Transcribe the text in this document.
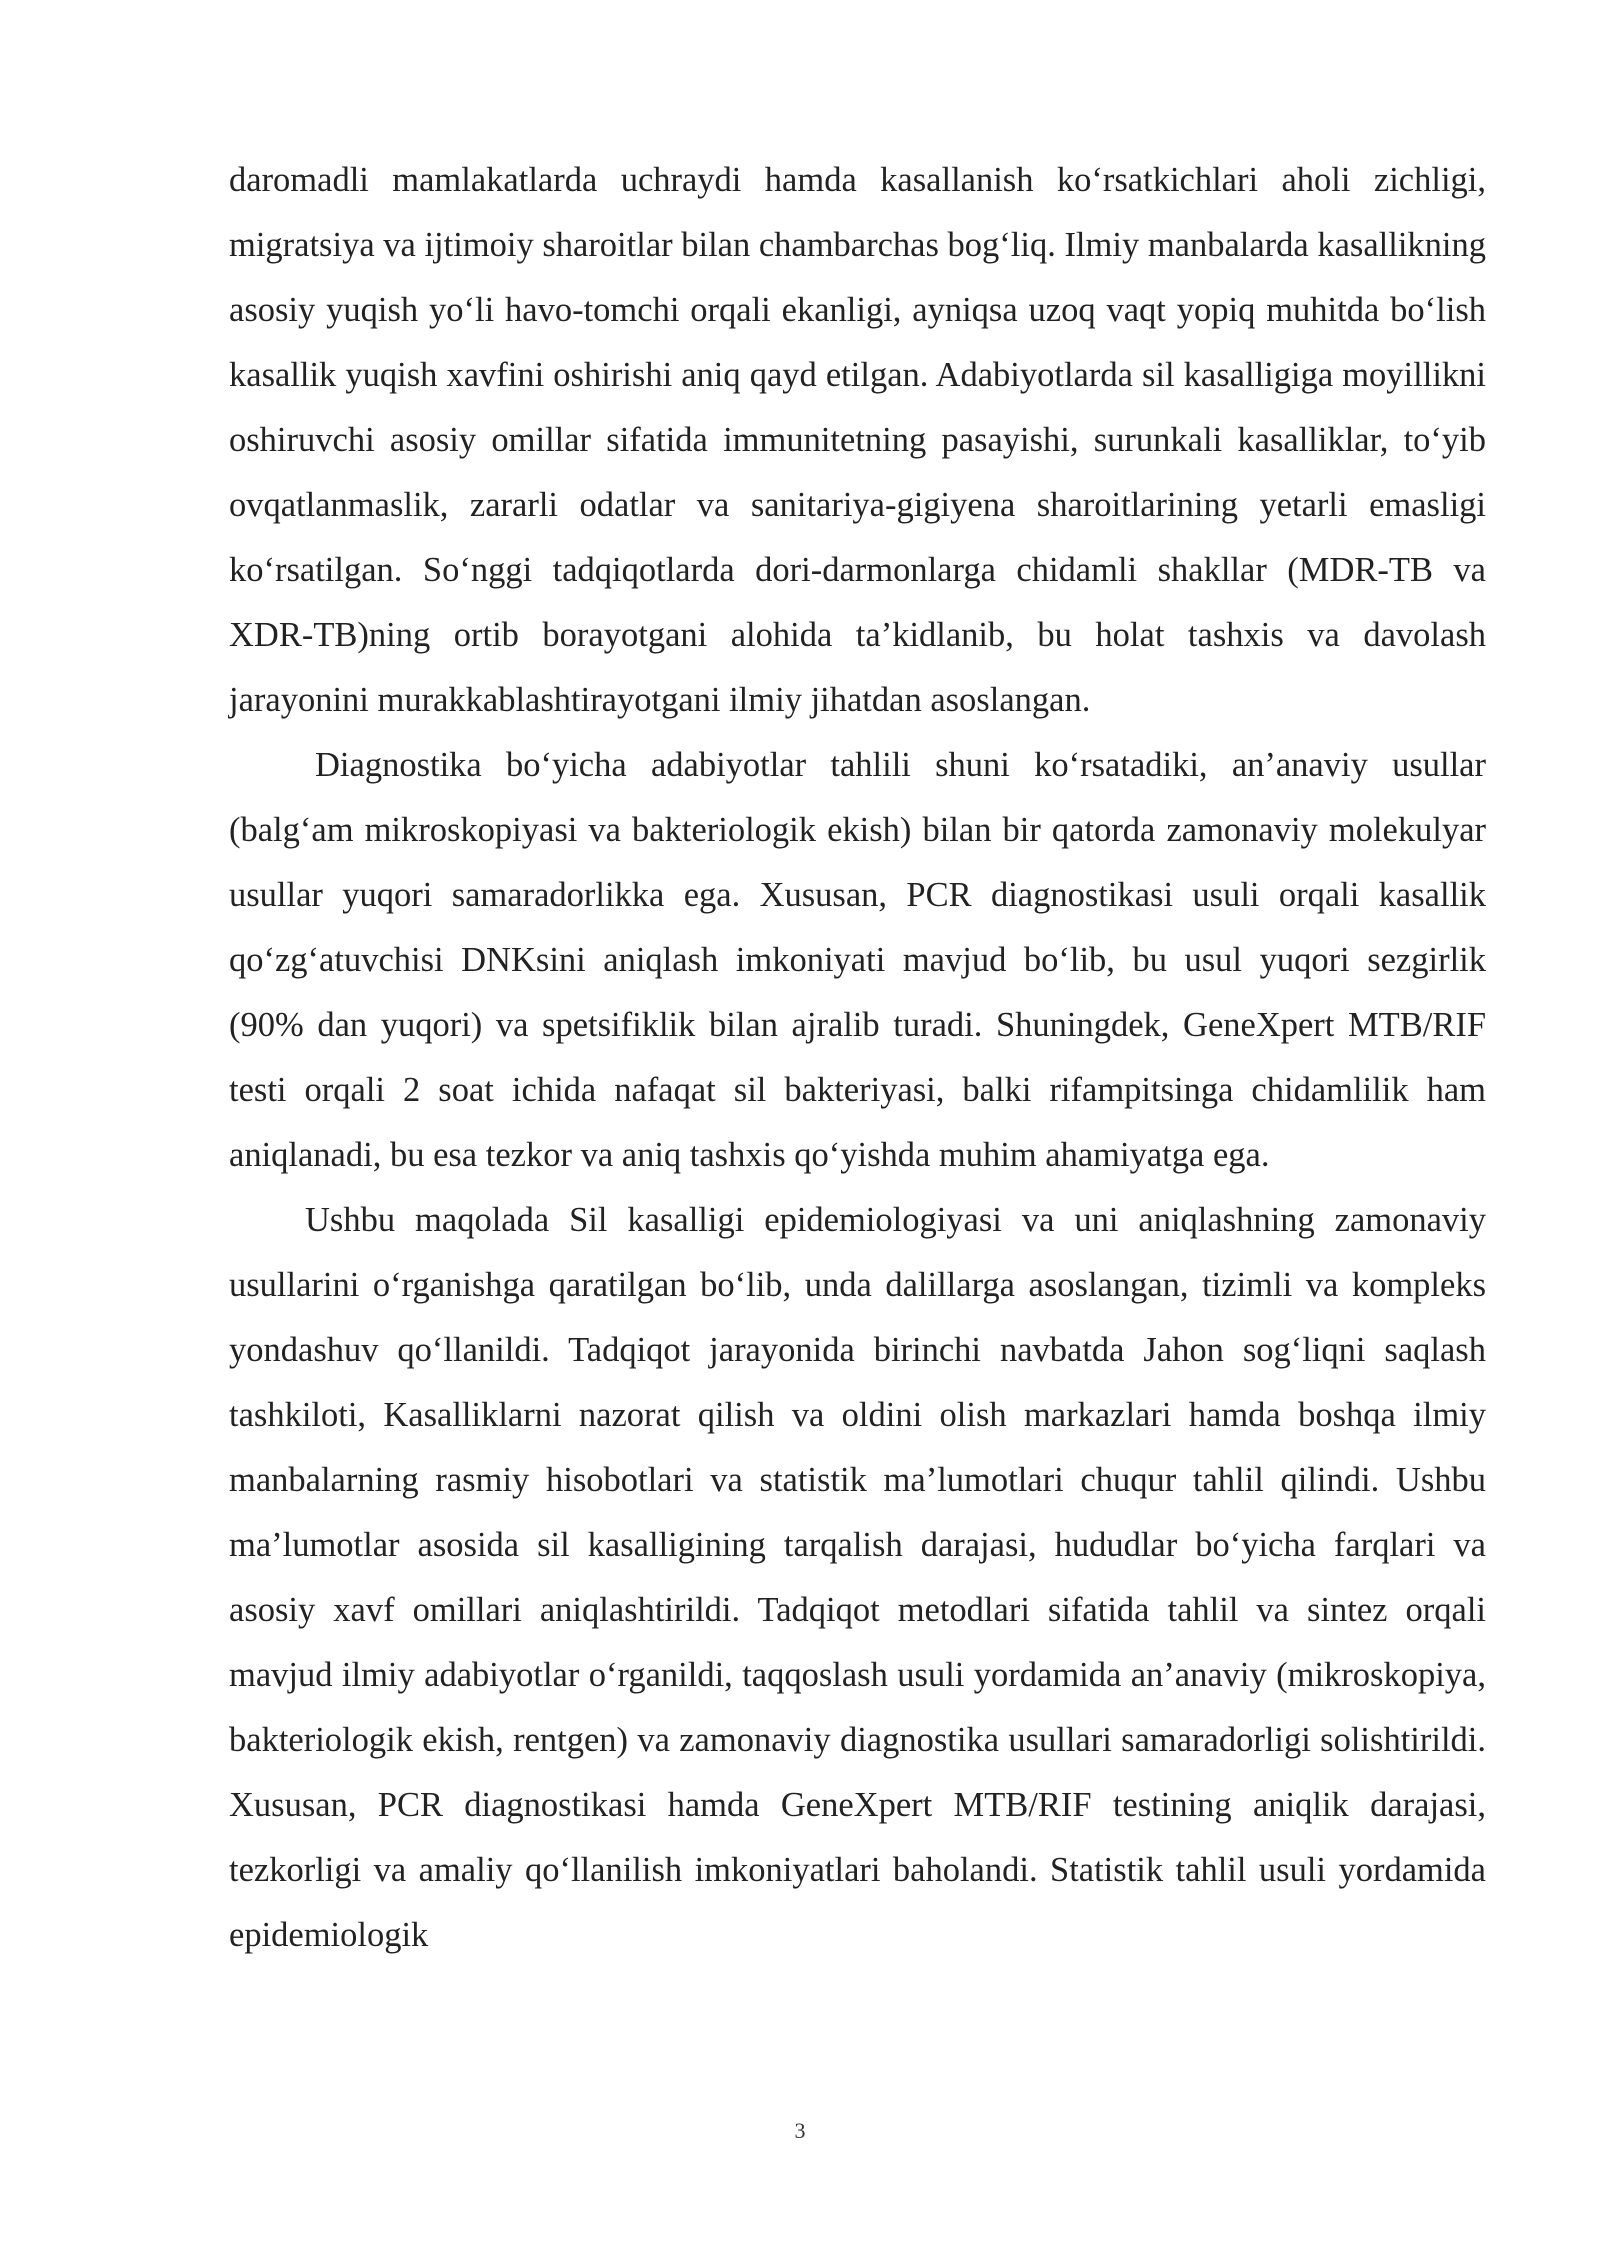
daromadli mamlakatlarda uchraydi hamda kasallanish ko‘rsatkichlari aholi zichligi, migratsiya va ijtimoiy sharoitlar bilan chambarchas bog‘liq. Ilmiy manbalarda kasallikning asosiy yuqish yo‘li havo-tomchi orqali ekanligi, ayniqsa uzoq vaqt yopiq muhitda bo‘lish kasallik yuqish xavfini oshirishi aniq qayd etilgan. Adabiyotlarda sil kasalligiga moyillikni oshiruvchi asosiy omillar sifatida immunitetning pasayishi, surunkali kasalliklar, to‘yib ovqatlanmaslik, zararli odatlar va sanitariya-gigiyena sharoitlarining yetarli emasligi ko‘rsatilgan. So‘nggi tadqiqotlarda dori-darmonlarga chidamli shakllar (MDR-TB va XDR-TB)ning ortib borayotgani alohida ta’kidlanib, bu holat tashxis va davolash jarayonini murakkablashtirayotgani ilmiy jihatdan asoslangan.

Diagnostika bo‘yicha adabiyotlar tahlili shuni ko‘rsatadiki, an’anaviy usullar (balg‘am mikroskopiyasi va bakteriologik ekish) bilan bir qatorda zamonaviy molekulyar usullar yuqori samaradorlikka ega. Xususan, PCR diagnostikasi usuli orqali kasallik qo‘zg‘atuvchisi DNKsini aniqlash imkoniyati mavjud bo‘lib, bu usul yuqori sezgirlik (90% dan yuqori) va spetsifiklik bilan ajralib turadi. Shuningdek, GeneXpert MTB/RIF testi orqali 2 soat ichida nafaqat sil bakteriyasi, balki rifampitsinga chidamlilik ham aniqlanadi, bu esa tezkor va aniq tashxis qo‘yishda muhim ahamiyatga ega.

Ushbu maqolada Sil kasalligi epidemiologiyasi va uni aniqlashning zamonaviy usullarini o‘rganishga qaratilgan bo‘lib, unda dalillarga asoslangan, tizimli va kompleks yondashuv qo‘llanildi. Tadqiqot jarayonida birinchi navbatda Jahon sog‘liqni saqlash tashkiloti, Kasalliklarni nazorat qilish va oldini olish markazlari hamda boshqa ilmiy manbalarning rasmiy hisobotlari va statistik ma’lumotlari chuqur tahlil qilindi. Ushbu ma’lumotlar asosida sil kasalligining tarqalish darajasi, hududlar bo‘yicha farqlari va asosiy xavf omillari aniqlashtirildi. Tadqiqot metodlari sifatida tahlil va sintez orqali mavjud ilmiy adabiyotlar o‘rganildi, taqqoslash usuli yordamida an’anaviy (mikroskopiya, bakteriologik ekish, rentgen) va zamonaviy diagnostika usullari samaradorligi solishtirildi. Xususan, PCR diagnostikasi hamda GeneXpert MTB/RIF testining aniqlik darajasi, tezkorligi va amaliy qo‘llanilish imkoniyatlari baholandi. Statistik tahlil usuli yordamida epidemiologik

3
